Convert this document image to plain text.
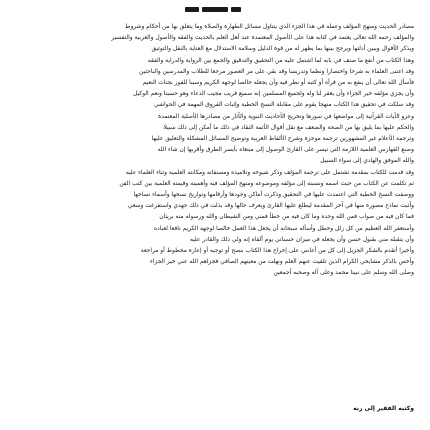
مصادر الحديث ومنهج المؤلف وعمله في هذا الجزء الذي يتناول مسائل الطهارة والصلاة وما يتعلق بها من أحكام وشروط
والمؤلف رحمه الله تعالى يعتمد في كتابه هذا على الأصول المعتمدة عند أهل العلم بالحديث والفقه والأصول والعربية والتفسير
ويذكر الأقوال ويبين أدلتها ويرجح بينها بما يظهر له من قوة الدليل وسلامة الاستدلال مع العناية بالنقل والتوثيق
وهذا الكتاب من أنفع ما صنف في بابه لما اشتمل عليه من التحقيق والتدقيق والجمع بين الرواية والدراية والفقه
وقد اعتنى العلماء به شرحا واختصارا ونظما وتدريسا وقد بقي على مر العصور مرجعا للطلاب والمدرسين والباحثين
فأسأل الله تعالى أن ينفع به من قرأه أو كتبه أو نظر فيه وأن يجعله خالصا لوجهه الكريم وسببا للفوز بجنات النعيم
وأن يجزي مؤلفه خير الجزاء وأن يغفر لنا وله ولجميع المسلمين إنه سميع قريب مجيب الدعاء وهو حسبنا ونعم الوكيل
وقد سلكت في تحقيق هذا الكتاب منهجا يقوم على مقابلة النسخ الخطية وإثبات الفروق المهمة في الحواشي
وعزو الآيات القرآنية إلى مواضعها في سورها وتخريج الأحاديث النبوية والآثار من مصادرها الأصلية المعتمدة
والحكم عليها بما يليق بها من الصحة والضعف مع نقل أقوال الأئمة النقاد في ذلك ما أمكن إلى ذلك سبيلا
وترجمة الأعلام غير المشهورين ترجمة موجزة وشرح الألفاظ الغريبة وتوضيح المسائل المشكلة والتعليق عليها
وصنع الفهارس العلمية اللازمة التي تيسر على القارئ الوصول إلى مبتغاه بأيسر الطرق وأقربها إن شاء الله
والله الموفق والهادي إلى سواء السبيل

وقد قدمت للكتاب بمقدمة تشتمل على ترجمة المؤلف وذكر شيوخه وتلاميذه ومصنفاته ومكانته العلمية وثناء العلماء عليه
ثم تكلمت عن الكتاب من حيث اسمه ونسبته إلى مؤلفه وموضوعه ومنهج المؤلف فيه وأهميته وقيمته العلمية بين كتب الفن
ووصفت النسخ الخطية التي اعتمدت عليها في التحقيق وذكرت أماكن وجودها وأرقامها وتواريخ نسخها وأسماء نساخها
وأثبت نماذج مصورة منها في آخر المقدمة ليطلع عليها القارئ ويعرف حالها وقد بذلت في ذلك جهدي واستفرغت وسعي
فما كان فيه من صواب فمن الله وحده وما كان فيه من خطأ فمني ومن الشيطان والله ورسوله منه بريئان
وأستغفر الله العظيم من كل زلل وخطل وأسأله سبحانه أن يجعل هذا العمل خالصا لوجهه الكريم نافعا لعباده
وأن يتقبله مني بقبول حسن وأن يجعله في ميزان حسناتي يوم ألقاه إنه ولي ذلك والقادر عليه
وأخيرا أتقدم بالشكر الجزيل إلى كل من أعانني على إخراج هذا الكتاب بنصح أو توجيه أو إعارة مخطوط أو مراجعة
وأخص بالذكر مشايخي الكرام الذين تلقيت عنهم العلم ونهلت من معينهم الصافي فجزاهم الله عني خير الجزاء
وصلى الله وسلم على نبينا محمد وعلى آله وصحبه أجمعين

وكتبه الفقير إلى ربه
